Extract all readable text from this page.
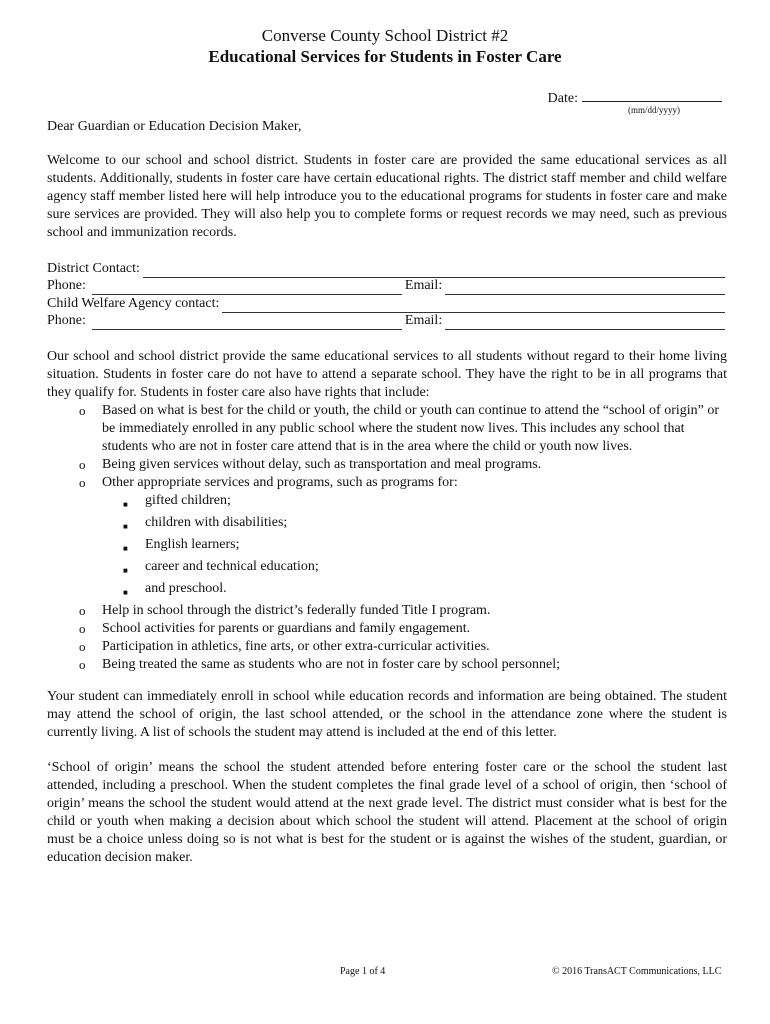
Converse County School District #2
Educational Services for Students in Foster Care
Date:
(mm/dd/yyyy)
Dear Guardian or Education Decision Maker,
Welcome to our school and school district. Students in foster care are provided the same educational services as all students. Additionally, students in foster care have certain educational rights. The district staff member and child welfare agency staff member listed here will help introduce you to the educational programs for students in foster care and make sure services are provided. They will also help you to complete forms or request records we may need, such as previous school and immunization records.
District Contact:
Phone:	Email:
Child Welfare Agency contact:
Phone:	Email:
Our school and school district provide the same educational services to all students without regard to their home living situation. Students in foster care do not have to attend a separate school. They have the right to be in all programs that they qualify for. Students in foster care also have rights that include:
o	Based on what is best for the child or youth, the child or youth can continue to attend the “school of origin” or be immediately enrolled in any public school where the student now lives. This includes any school that students who are not in foster care attend that is in the area where the child or youth now lives.
o	Being given services without delay, such as transportation and meal programs.
o	Other appropriate services and programs, such as programs for:
■	gifted children;
■	children with disabilities;
■	English learners;
■	career and technical education;
■	and preschool.
o	Help in school through the district’s federally funded Title I program.
o	School activities for parents or guardians and family engagement.
o	Participation in athletics, fine arts, or other extra-curricular activities.
o	Being treated the same as students who are not in foster care by school personnel;
Your student can immediately enroll in school while education records and information are being obtained. The student may attend the school of origin, the last school attended, or the school in the attendance zone where the student is currently living. A list of schools the student may attend is included at the end of this letter.
‘School of origin’ means the school the student attended before entering foster care or the school the student last attended, including a preschool. When the student completes the final grade level of a school of origin, then ‘school of origin’ means the school the student would attend at the next grade level. The district must consider what is best for the child or youth when making a decision about which school the student will attend. Placement at the school of origin must be a choice unless doing so is not what is best for the student or is against the wishes of the student, guardian, or education decision maker.
Page 1 of 4	© 2016 TransACT Communications, LLC
